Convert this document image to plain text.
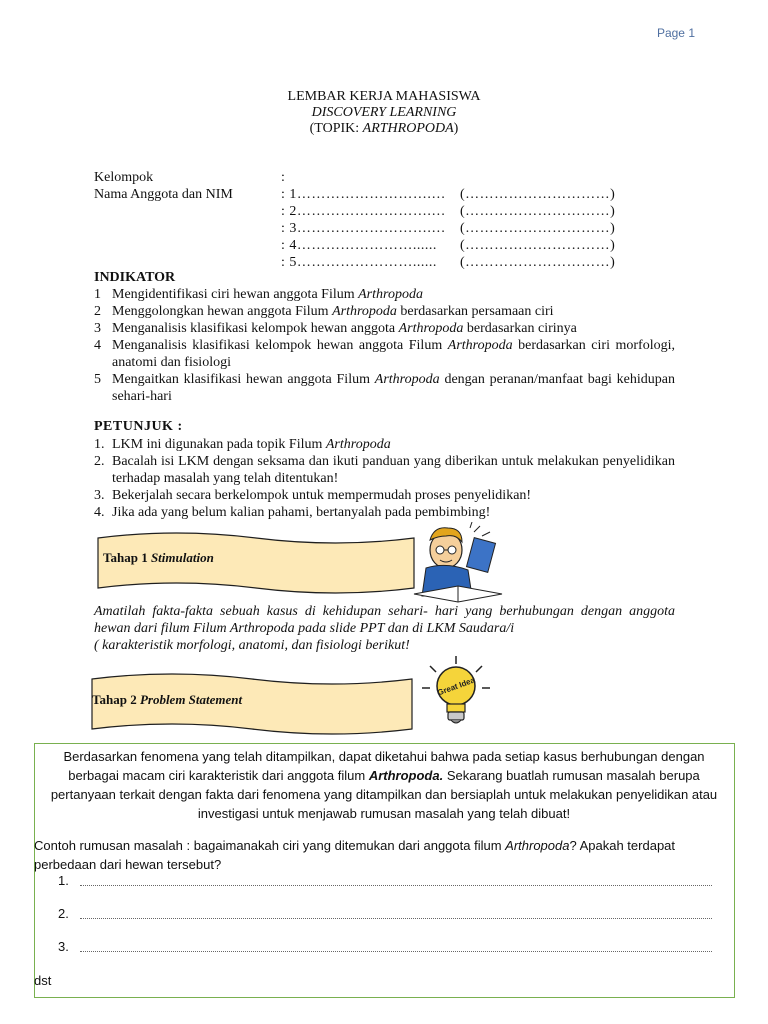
Page 1
LEMBAR KERJA MAHASISWA
DISCOVERY LEARNING
(TOPIK: ARTHROPODA)
Kelompok	:
Nama Anggota dan NIM	: 1……………………….… (…………………………)
: 2……………………….… (…………………………)
: 3……………………….… (…………………………)
: 4……………………...... (…………………………)
: 5……………………...... (…………………………)
INDIKATOR
1 Mengidentifikasi ciri hewan anggota Filum Arthropoda
2 Menggolongkan hewan anggota Filum Arthropoda berdasarkan persamaan ciri
3 Menganalisis klasifikasi kelompok hewan anggota Arthropoda berdasarkan cirinya
4 Menganalisis klasifikasi kelompok hewan anggota Filum Arthropoda berdasarkan ciri morfologi, anatomi dan fisiologi
5 Mengaitkan klasifikasi hewan anggota Filum Arthropoda dengan peranan/manfaat bagi kehidupan sehari-hari
PETUNJUK :
1. LKM ini digunakan pada topik Filum Arthropoda
2. Bacalah isi LKM dengan seksama dan ikuti panduan yang diberikan untuk melakukan penyelidikan terhadap masalah yang telah ditentukan!
3. Bekerjalah secara berkelompok untuk mempermudah proses penyelidikan!
4. Jika ada yang belum kalian pahami, bertanyalah pada pembimbing!
Tahap 1 Stimulation
Amatilah fakta-fakta sebuah kasus di kehidupan sehari- hari yang berhubungan dengan anggota hewan dari filum Filum Arthropoda pada slide PPT dan di LKM Saudara/i
( karakteristik morfologi, anatomi, dan fisiologi berikut!
Tahap 2 Problem Statement
Great Idea
Berdasarkan fenomena yang telah ditampilkan, dapat diketahui bahwa pada setiap kasus berhubungan dengan berbagai macam ciri karakteristik dari anggota filum Arthropoda. Sekarang buatlah rumusan masalah berupa pertanyaan terkait dengan fakta dari fenomena yang ditampilkan dan bersiaplah untuk melakukan penyelidikan atau investigasi untuk menjawab rumusan masalah yang telah dibuat!
Contoh rumusan masalah : bagaimanakah ciri yang ditemukan dari anggota filum Arthropoda? Apakah terdapat perbedaan dari hewan tersebut?
1.
2.
3.
dst
